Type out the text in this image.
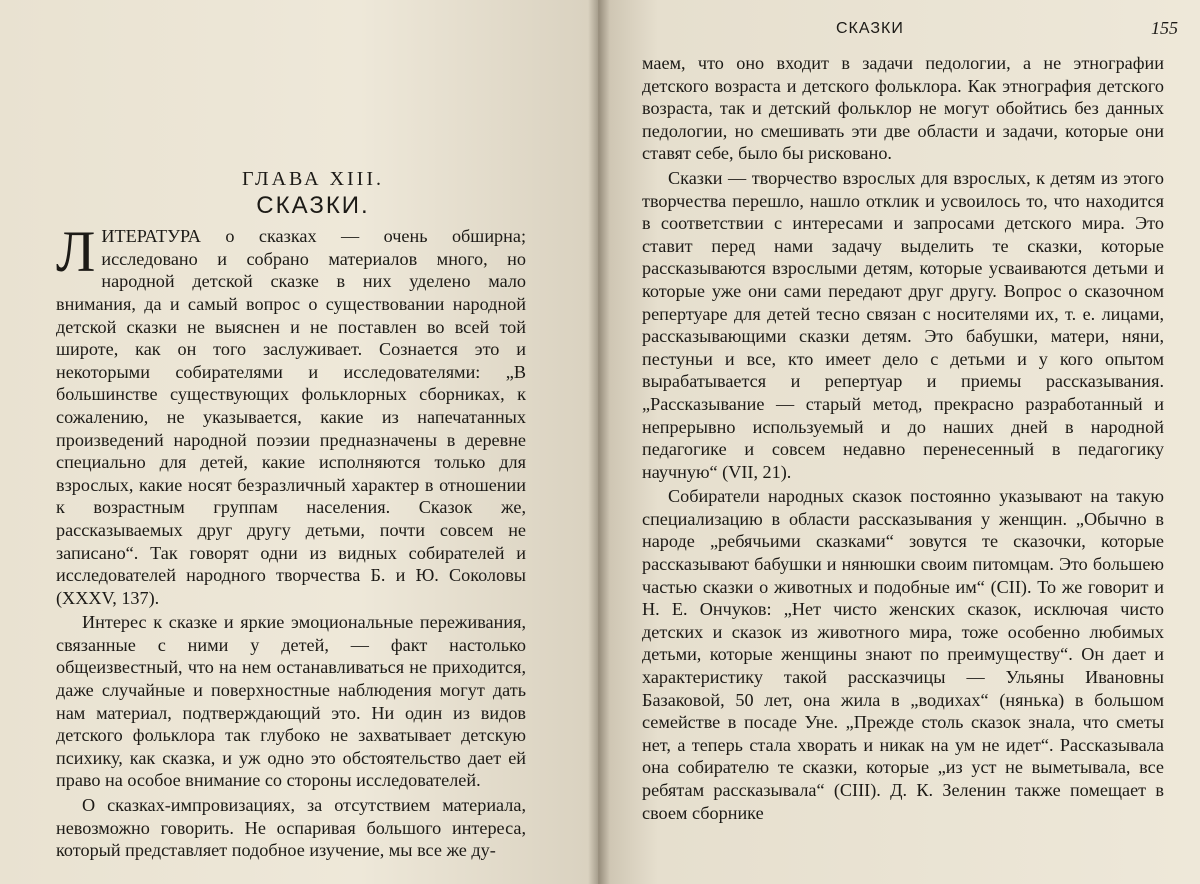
ГЛАВА XIII.
СКАЗКИ.

ЛИТЕРАТУРА о сказках — очень обширна; исследовано и собрано материалов много, но народной детской сказке в них уделено мало внимания, да и самый вопрос о существовании народной детской сказки не выяснен и не поставлен во всей той широте, как он того заслуживает. Сознается это и некоторыми собирателями и исследователями: „В большинстве существующих фольклорных сборниках, к сожалению, не указывается, какие из напечатанных произведений народной поэзии предназначены в деревне специально для детей, какие исполняются только для взрослых, какие носят безразличный характер в отношении к возрастным группам населения. Сказок же, рассказываемых друг другу детьми, почти совсем не записано“. Так говорят одни из видных собирателей и исследователей народного творчества Б. и Ю. Соколовы (XXXV, 137).

Интерес к сказке и яркие эмоциональные переживания, связанные с ними у детей, — факт настолько общеизвестный, что на нем останавливаться не приходится, даже случайные и поверхностные наблюдения могут дать нам материал, подтверждающий это. Ни один из видов детского фольклора так глубоко не захватывает детскую психику, как сказка, и уж одно это обстоятельство дает ей право на особое внимание со стороны исследователей.

О сказках-импровизациях, за отсутствием материала, невозможно говорить. Не оспаривая большого интереса, который представляет подобное изучение, мы все же ду-

СКАЗКИ	155

маем, что оно входит в задачи педологии, а не этнографии детского возраста и детского фольклора. Как этнография детского возраста, так и детский фольклор не могут обойтись без данных педологии, но смешивать эти две области и задачи, которые они ставят себе, было бы рисковано.

Сказки — творчество взрослых для взрослых, к детям из этого творчества перешло, нашло отклик и усвоилось то, что находится в соответствии с интересами и запросами детского мира. Это ставит перед нами задачу выделить те сказки, которые рассказываются взрослыми детям, которые усваиваются детьми и которые уже они сами передают друг другу. Вопрос о сказочном репертуаре для детей тесно связан с носителями их, т. е. лицами, рассказывающими сказки детям. Это бабушки, матери, няни, пестуньи и все, кто имеет дело с детьми и у кого опытом вырабатывается и репертуар и приемы рассказывания. „Рассказывание — старый метод, прекрасно разработанный и непрерывно используемый и до наших дней в народной педагогике и совсем недавно перенесенный в педагогику научную“ (VII, 21).

Собиратели народных сказок постоянно указывают на такую специализацию в области рассказывания у женщин. „Обычно в народе „ребячьими сказками“ зовутся те сказочки, которые рассказывают бабушки и нянюшки своим питомцам. Это большею частью сказки о животных и подобные им“ (CII). То же говорит и Н. Е. Ончуков: „Нет чисто женских сказок, исключая чисто детских и сказок из животного мира, тоже особенно любимых детьми, которые женщины знают по преимуществу“. Он дает и характеристику такой рассказчицы — Ульяны Ивановны Базаковой, 50 лет, она жила в „водихах“ (нянька) в большом семействе в посаде Уне. „Прежде столь сказок знала, что сметы нет, а теперь стала хворать и никак на ум не идет“. Рассказывала она собирателю те сказки, которые „из уст не выметывала, все ребятам рассказывала“ (CIII). Д. К. Зеленин также помещает в своем сборнике
